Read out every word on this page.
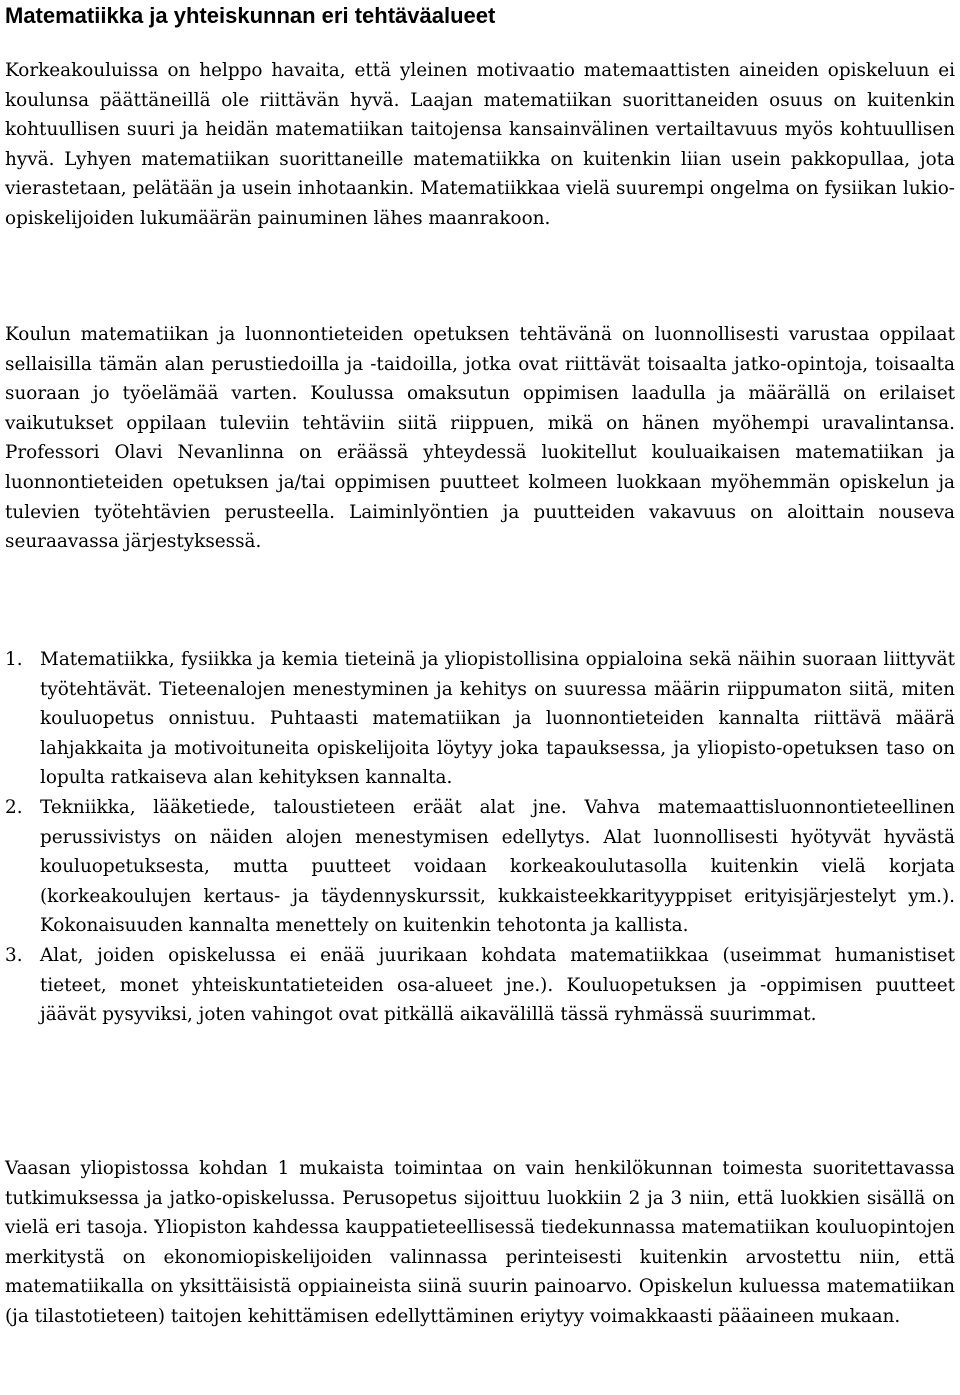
Matematiikka ja yhteiskunnan eri tehtäväalueet

Korkeakouluissa on helppo havaita, että yleinen motivaatio matemaattisten aineiden opiskeluun ei koulunsa päättäneillä ole riittävän hyvä. Laajan matematiikan suorittaneiden osuus on kuitenkin kohtuullisen suuri ja heidän matematiikan taitojensa kansainvälinen vertailtavuus myös kohtuullisen hyvä. Lyhyen matematiikan suorittaneille matematiikka on kuitenkin liian usein pakkopullaa, jota vierastetaan, pelätään ja usein inhotaankin. Matematiikkaa vielä suurempi ongelma on fysiikan lukio-opiskelijoiden lukumäärän painuminen lähes maanrakoon.

Koulun matematiikan ja luonnontieteiden opetuksen tehtävänä on luonnollisesti varustaa oppilaat sellaisilla tämän alan perustiedoilla ja -taidoilla, jotka ovat riittävät toisaalta jatko-opintoja, toisaalta suoraan jo työelämää varten. Koulussa omaksutun oppimisen laadulla ja määrällä on erilaiset vaikutukset oppilaan tuleviin tehtäviin siitä riippuen, mikä on hänen myöhempi uravalintansa. Professori Olavi Nevanlinna on eräässä yhteydessä luokitellut kouluaikaisen matematiikan ja luonnontieteiden opetuksen ja/tai oppimisen puutteet kolmeen luokkaan myöhemmän opiskelun ja tulevien työtehtävien perusteella. Laiminlyöntien ja puutteiden vakavuus on aloittain nouseva seuraavassa järjestyksessä.

1. Matematiikka, fysiikka ja kemia tieteinä ja yliopistollisina oppialoina sekä näihin suoraan liittyvät työtehtävät. Tieteenalojen menestyminen ja kehitys on suuressa määrin riippumaton siitä, miten kouluopetus onnistuu. Puhtaasti matematiikan ja luonnontieteiden kannalta riittävä määrä lahjakkaita ja motivoituneita opiskelijoita löytyy joka tapauksessa, ja yliopisto-opetuksen taso on lopulta ratkaiseva alan kehityksen kannalta.
2. Tekniikka, lääketiede, taloustieteen eräät alat jne. Vahva matemaattisluonnontieteellinen perussivistys on näiden alojen menestymisen edellytys. Alat luonnollisesti hyötyvät hyvästä kouluopetuksesta, mutta puutteet voidaan korkeakoulutasolla kuitenkin vielä korjata (korkeakoulujen kertaus- ja täydennyskurssit, kukkaisteekkarityyppiset erityisjärjestelyt ym.). Kokonaisuuden kannalta menettely on kuitenkin tehotonta ja kallista.
3. Alat, joiden opiskelussa ei enää juurikaan kohdata matematiikkaa (useimmat humanistiset tieteet, monet yhteiskuntatieteiden osa-alueet jne.). Kouluopetuksen ja -oppimisen puutteet jäävät pysyviksi, joten vahingot ovat pitkällä aikavälillä tässä ryhmässä suurimmat.

Vaasan yliopistossa kohdan 1 mukaista toimintaa on vain henkilökunnan toimesta suoritettavassa tutkimuksessa ja jatko-opiskelussa. Perusopetus sijoittuu luokkiin 2 ja 3 niin, että luokkien sisällä on vielä eri tasoja. Yliopiston kahdessa kauppatieteellisessä tiedekunnassa matematiikan kouluopintojen merkitystä on ekonomiopiskelijoiden valinnassa perinteisesti kuitenkin arvostettu niin, että matematiikalla on yksittäisistä oppiaineista siinä suurin painoarvo. Opiskelun kuluessa matematiikan (ja tilastotieteen) taitojen kehittämisen edellyttäminen eriytyy voimakkaasti pääaineen mukaan.
